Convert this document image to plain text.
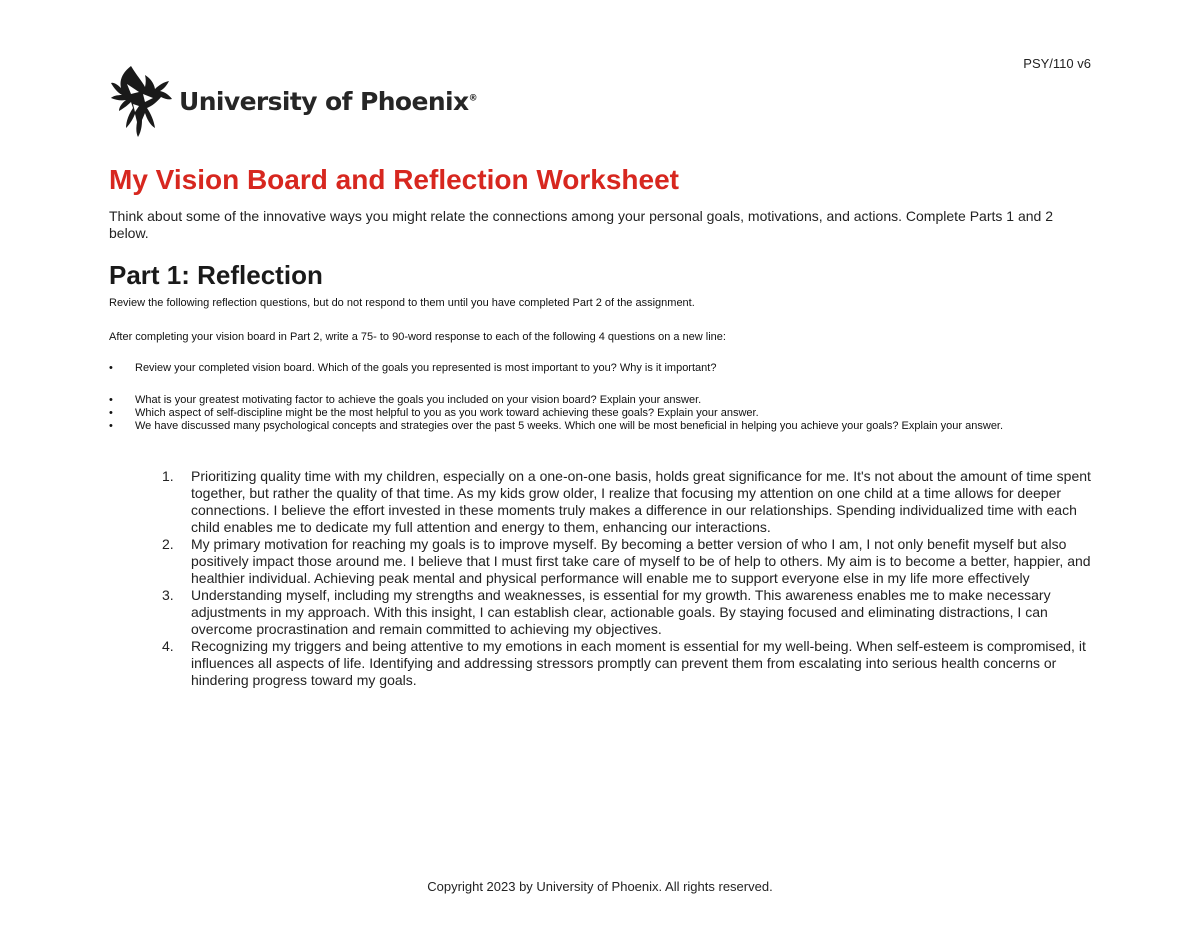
PSY/110 v6
University of Phoenix®
My Vision Board and Reflection Worksheet

Think about some of the innovative ways you might relate the connections among your personal goals, motivations, and actions. Complete Parts 1 and 2 below.

Part 1: Reflection

Review the following reflection questions, but do not respond to them until you have completed Part 2 of the assignment.

After completing your vision board in Part 2, write a 75- to 90-word response to each of the following 4 questions on a new line:

• Review your completed vision board. Which of the goals you represented is most important to you? Why is it important?
• What is your greatest motivating factor to achieve the goals you included on your vision board? Explain your answer.
• Which aspect of self-discipline might be the most helpful to you as you work toward achieving these goals? Explain your answer.
• We have discussed many psychological concepts and strategies over the past 5 weeks. Which one will be most beneficial in helping you achieve your goals? Explain your answer.
1. Prioritizing quality time with my children, especially on a one-on-one basis, holds great significance for me. It's not about the amount of time spent together, but rather the quality of that time. As my kids grow older, I realize that focusing my attention on one child at a time allows for deeper connections. I believe the effort invested in these moments truly makes a difference in our relationships. Spending individualized time with each child enables me to dedicate my full attention and energy to them, enhancing our interactions.
2. My primary motivation for reaching my goals is to improve myself. By becoming a better version of who I am, I not only benefit myself but also positively impact those around me. I believe that I must first take care of myself to be of help to others. My aim is to become a better, happier, and healthier individual. Achieving peak mental and physical performance will enable me to support everyone else in my life more effectively
3. Understanding myself, including my strengths and weaknesses, is essential for my growth. This awareness enables me to make necessary adjustments in my approach. With this insight, I can establish clear, actionable goals. By staying focused and eliminating distractions, I can overcome procrastination and remain committed to achieving my objectives.
4. Recognizing my triggers and being attentive to my emotions in each moment is essential for my well-being. When self-esteem is compromised, it influences all aspects of life. Identifying and addressing stressors promptly can prevent them from escalating into serious health concerns or hindering progress toward my goals.
Copyright 2023 by University of Phoenix. All rights reserved.
